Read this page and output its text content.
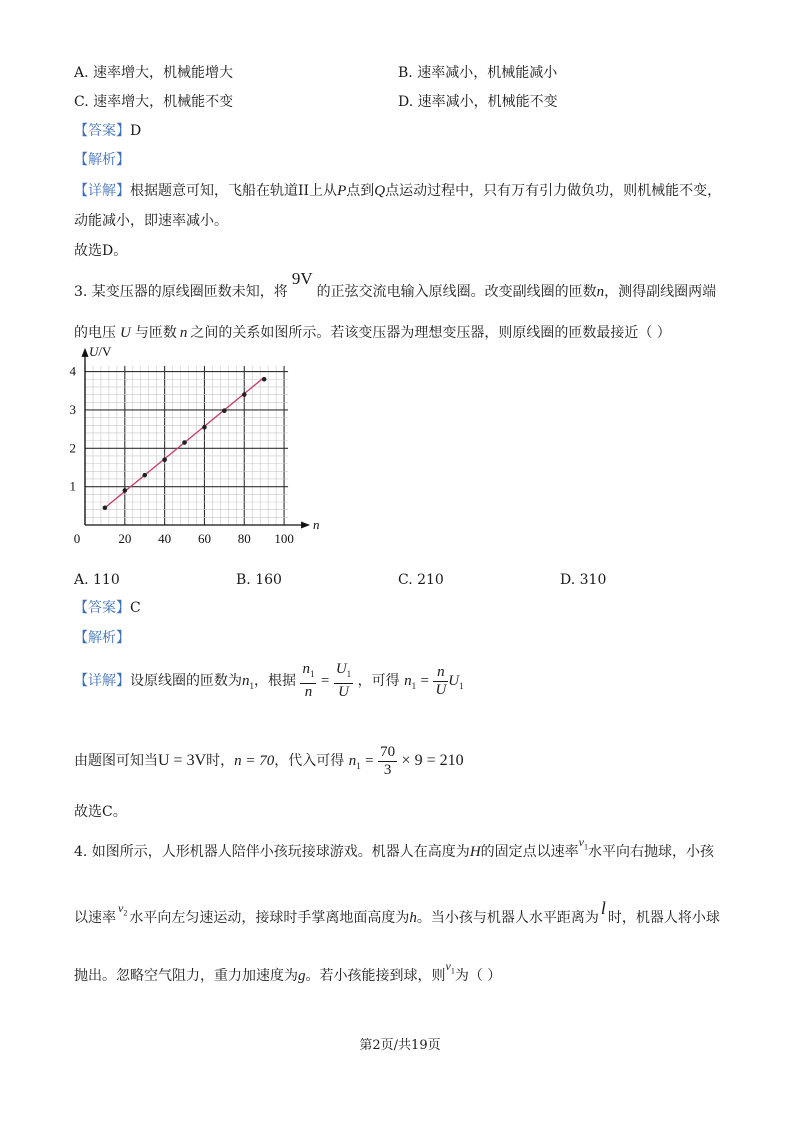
A. 速率增大，机械能增大	B. 速率减小，机械能减小
C. 速率增大，机械能不变	D. 速率减小，机械能不变
【答案】D
【解析】
【详解】根据题意可知，飞船在轨道II上从P点到Q点运动过程中，只有万有引力做负功，则机械能不变，
动能减小，即速率减小。
故选D。
3. 某变压器的原线圈匝数未知，将9V的正弦交流电输入原线圈。改变副线圈的匝数n，测得副线圈两端
的电压 U 与匝数 n 之间的关系如图所示。若该变压器为理想变压器，则原线圈的匝数最接近（ ）
0	20 40 60 80 100
1
2
3
4
n
U/V
A. 110	B. 160	C. 210	D. 310
【答案】C
【解析】
【详解】设原线圈的匝数为$n_1$，根据 $\frac{n_1}{n} = \frac{U_1}{U}$ ，可得 $n_1 = \frac{n}{U} U_1$
由题图可知当U = 3V时，n = 70，代入可得 $n_1 = \frac{70}{3} \times 9 = 210$
故选C。
4. 如图所示，人形机器人陪伴小孩玩接球游戏。机器人在高度为H的固定点以速率$v_1$水平向右抛球，小孩
以速率$v_2$ 水平向左匀速运动，接球时手掌离地面高度为h。当小孩与机器人水平距离为 l 时，机器人将小球
抛出。忽略空气阻力，重力加速度为g。若小孩能接到球，则$v_1$为（ ）
第2页/共19页
